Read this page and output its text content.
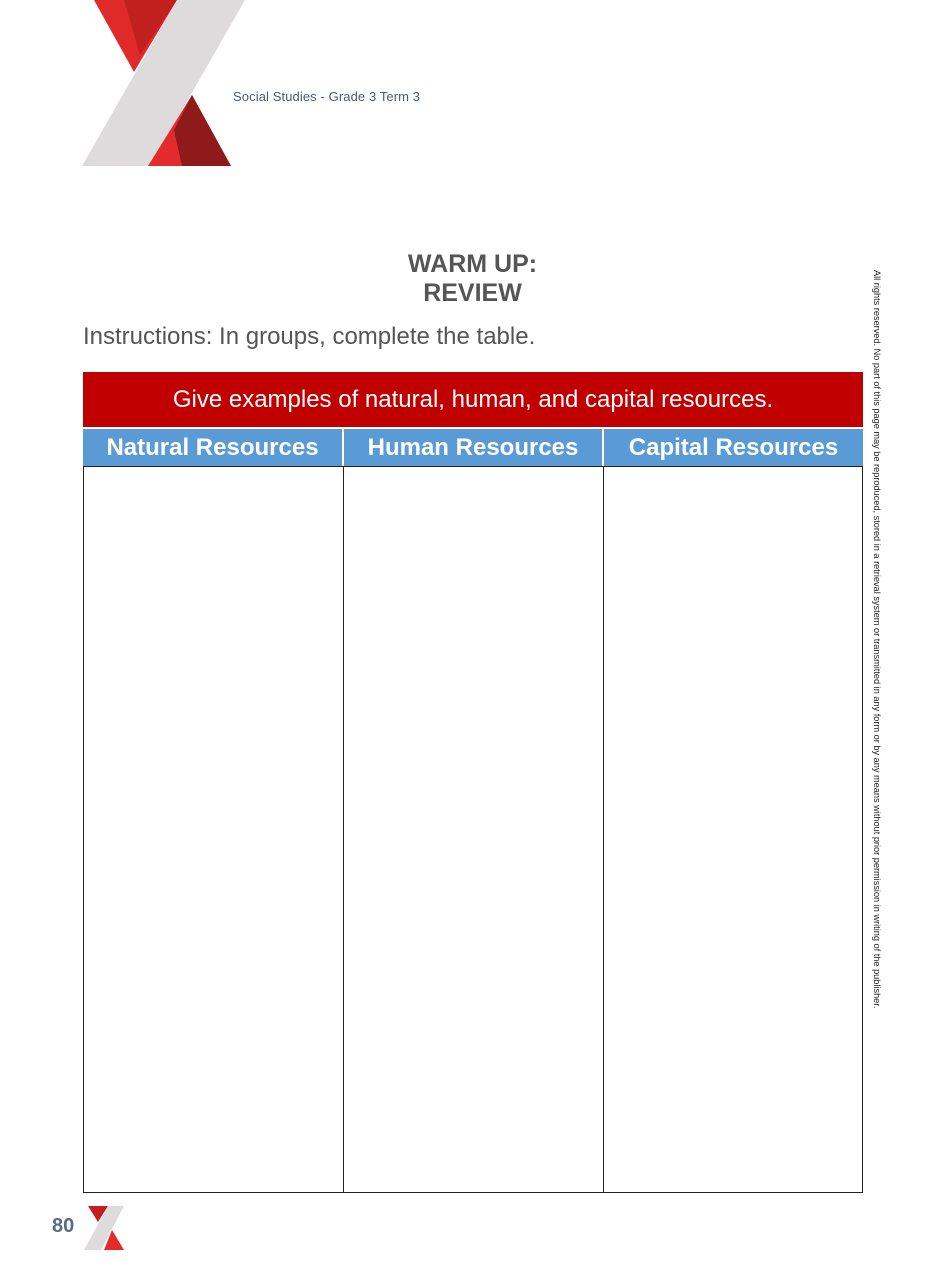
Social Studies - Grade 3 Term 3
All rights reserved. No part of this page may be reproduced, stored in a retrieval system or transmitted in any form or by any means without prior permission in writing of the publisher.
WARM UP:
REVIEW
Instructions: In groups, complete the table.
Give examples of natural, human, and capital resources.
Natural Resources	Human Resources	Capital Resources
80
